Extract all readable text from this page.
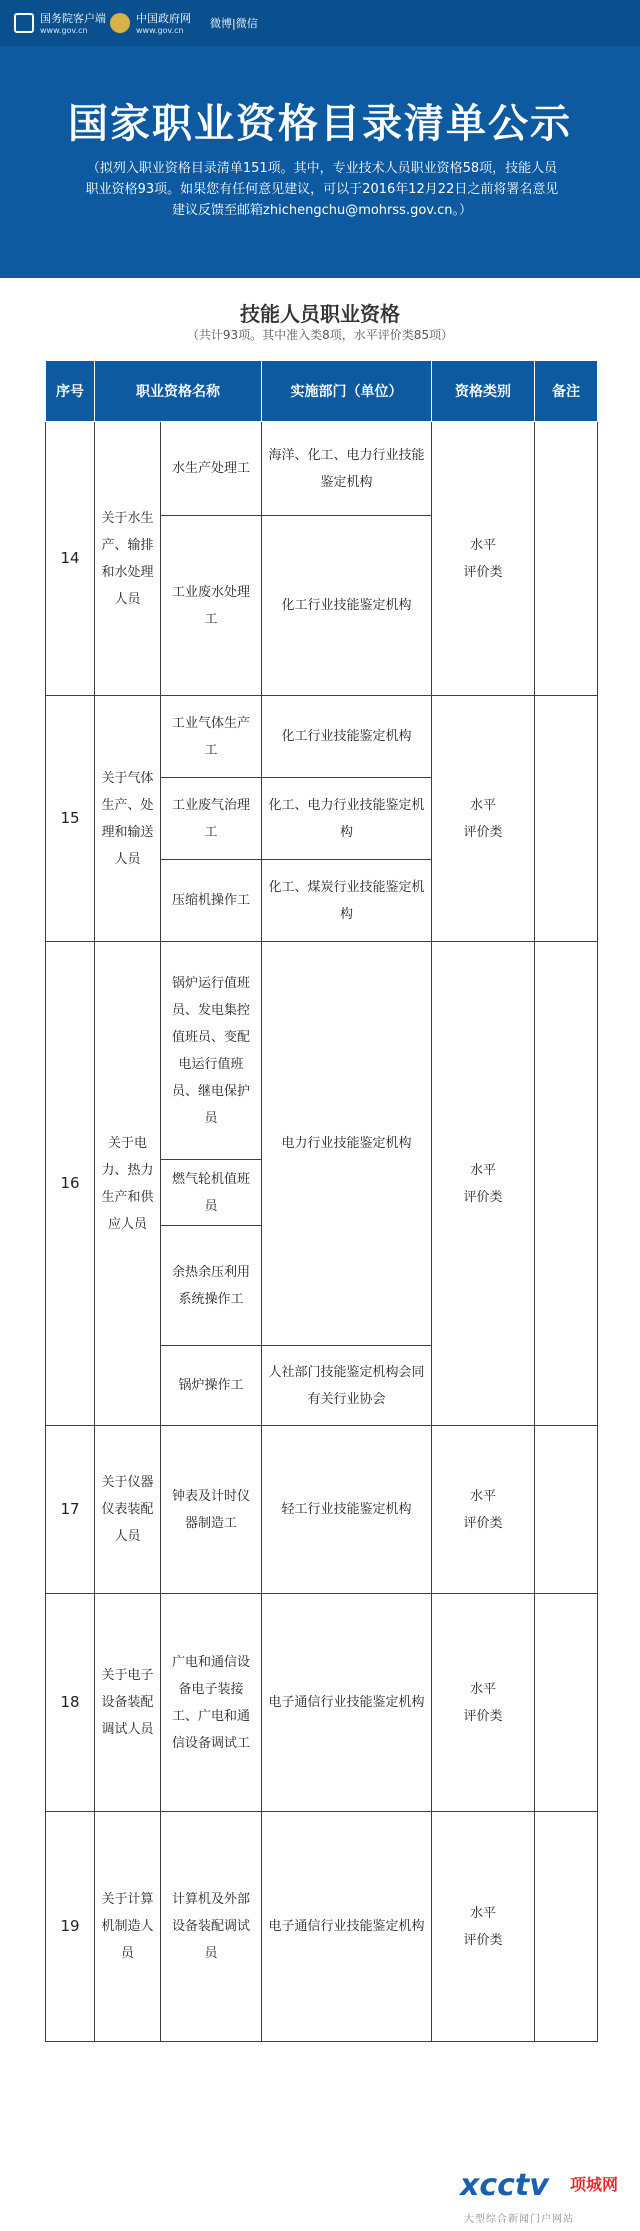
国务院客户端
www.gov.cn
中国政府网
www.gov.cn
微博|微信
国家职业资格目录清单公示
（拟列入职业资格目录清单151项。其中，专业技术人员职业资格58项，技能人员职业资格93项。如果您有任何意见建议，可以于2016年12月22日之前将署名意见建议反馈至邮箱zhichengchu@mohrss.gov.cn。）
技能人员职业资格
（共计93项。其中准入类8项，水平评价类85项）
序号	职业资格名称		实施部门（单位）	资格类别	备注
14	关于水生产、输排和水处理人员	水生产处理工	海洋、化工、电力行业技能鉴定机构	水平
评价类	

		工业废水处理工	化工行业技能鉴定机构		
15	关于气体生产、处理和输送人员	工业气体生产工	化工行业技能鉴定机构	水平
评价类	

		工业废气治理工	化工、电力行业技能鉴定机构		
		压缩机操作工	化工、煤炭行业技能鉴定机构		
16	关于电力、热力生产和供应人员	锅炉运行值班员、发电集控值班员、变配电运行值班员、继电保护员	电力行业技能鉴定机构	水平
评价类	

		燃气轮机值班员			
		余热余压利用系统操作工			
		锅炉操作工	人社部门技能鉴定机构会同有关行业协会		
17	关于仪器仪表装配人员	钟表及计时仪器制造工	轻工行业技能鉴定机构	水平
评价类	

18	关于电子设备装配调试人员	广电和通信设备电子装接工、广电和通信设备调试工	电子通信行业技能鉴定机构	水平
评价类	

19	关于计算机制造人员	计算机及外部设备装配调试员	电子通信行业技能鉴定机构	水平
评价类	

xcctv 项城网
大型综合新闻门户网站
